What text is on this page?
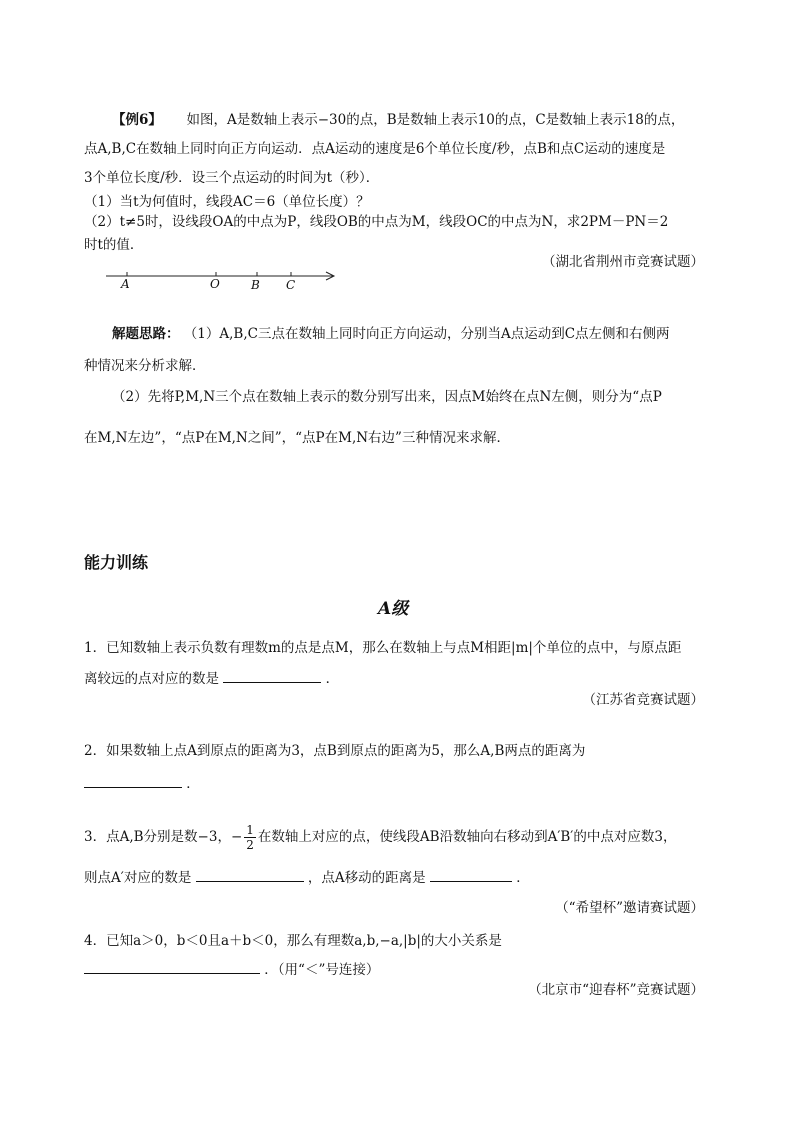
【例6】 如图，A是数轴上表示−30的点，B是数轴上表示10的点，C是数轴上表示18的点，
点A,B,C在数轴上同时向正方向运动．点A运动的速度是6个单位长度/秒，点B和点C运动的速度是
3个单位长度/秒．设三个点运动的时间为t（秒）．
（1）当t为何值时，线段AC＝6（单位长度）？
（2）t≠5时，设线段OA的中点为P，线段OB的中点为M，线段OC的中点为N，求2PM－PN＝2
时t的值．
（湖北省荆州市竞赛试题）
A	O	B C
解题思路： （1）A,B,C三点在数轴上同时向正方向运动，分别当A点运动到C点左侧和右侧两
种情况来分析求解．
（2）先将P,M,N三个点在数轴上表示的数分别写出来，因点M始终在点N左侧，则分为“点P
在M,N左边”，“点P在M,N之间”，“点P在M,N右边”三种情况来求解．
能力训练
A级
1．已知数轴上表示负数有理数m的点是点M，那么在数轴上与点M相距|m|个单位的点中，与原点距
离较远的点对应的数是	．
（江苏省竞赛试题）
2．如果数轴上点A到原点的距离为3，点B到原点的距离为5，那么A,B两点的距离为
．
3．点A,B分别是数−3，− $\frac{1}{2}$ 在数轴上对应的点，使线段AB沿数轴向右移动到A′B′的中点对应数3，
则点A′对应的数是	，点A移动的距离是	．
（“希望杯”邀请赛试题）
4．已知a＞0，b＜0且a＋b＜0，那么有理数a,b,−a,|b|的大小关系是
．（用“＜”号连接）
（北京市“迎春杯”竞赛试题）
